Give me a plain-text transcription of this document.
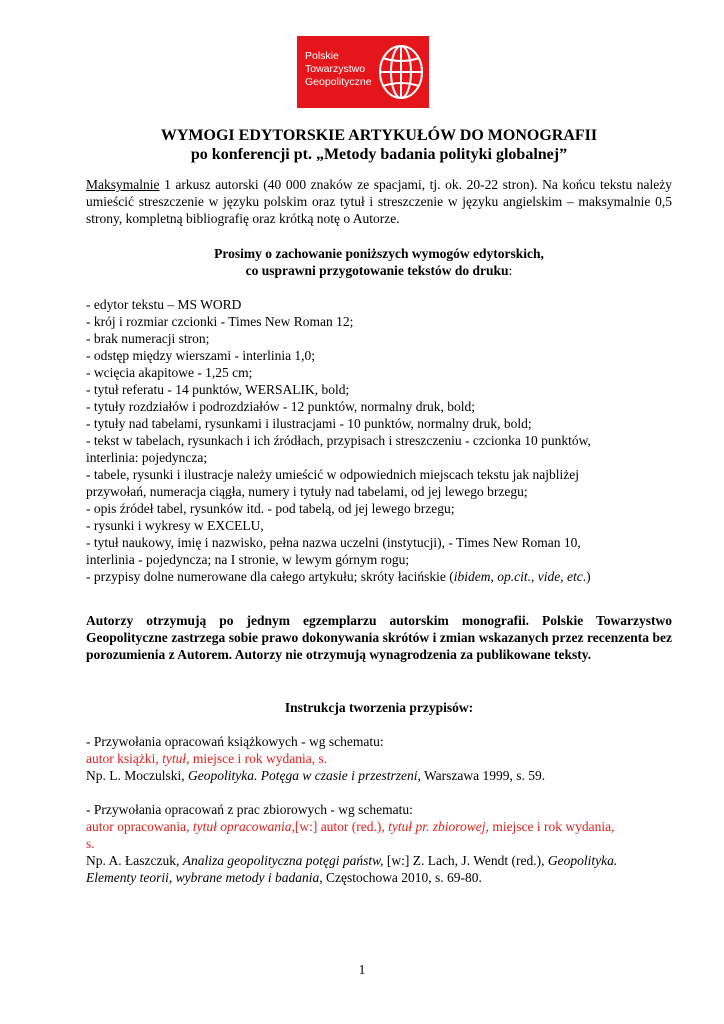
Polskie
Towarzystwo
Geopolityczne
WYMOGI EDYTORSKIE ARTYKUŁÓW DO MONOGRAFII
po konferencji pt. „Metody badania polityki globalnej”
Maksymalnie 1 arkusz autorski (40 000 znaków ze spacjami, tj. ok. 20-22 stron). Na końcu tekstu należy umieścić streszczenie w języku polskim oraz tytuł i streszczenie w języku angielskim – maksymalnie 0,5 strony, kompletną bibliografię oraz krótką notę o Autorze.
Prosimy o zachowanie poniższych wymogów edytorskich,
co usprawni przygotowanie tekstów do druku:
- edytor tekstu – MS WORD
- krój i rozmiar czcionki - Times New Roman 12;
- brak numeracji stron;
- odstęp między wierszami - interlinia 1,0;
- wcięcia akapitowe - 1,25 cm;
- tytuł referatu - 14 punktów, WERSALIK, bold;
- tytuły rozdziałów i podrozdziałów - 12 punktów, normalny druk, bold;
- tytuły nad tabelami, rysunkami i ilustracjami - 10 punktów, normalny druk, bold;
- tekst w tabelach, rysunkach i ich źródłach, przypisach i streszczeniu - czcionka 10 punktów,
interlinia: pojedyncza;
- tabele, rysunki i ilustracje należy umieścić w odpowiednich miejscach tekstu jak najbliżej
przywołań, numeracja ciągła, numery i tytuły nad tabelami, od jej lewego brzegu;
- opis źródeł tabel, rysunków itd. - pod tabelą, od jej lewego brzegu;
- rysunki i wykresy w EXCELU,
- tytuł naukowy, imię i nazwisko, pełna nazwa uczelni (instytucji), - Times New Roman 10,
interlinia - pojedyncza; na I stronie, w lewym górnym rogu;
- przypisy dolne numerowane dla całego artykułu; skróty łacińskie (ibidem, op.cit., vide, etc.)
Autorzy otrzymują po jednym egzemplarzu autorskim monografii. Polskie Towarzystwo Geopolityczne zastrzega sobie prawo dokonywania skrótów i zmian wskazanych przez recenzenta bez porozumienia z Autorem. Autorzy nie otrzymują wynagrodzenia za publikowane teksty.
Instrukcja tworzenia przypisów:
- Przywołania opracowań książkowych - wg schematu:
autor książki, tytuł, miejsce i rok wydania, s.
Np. L. Moczulski, Geopolityka. Potęga w czasie i przestrzeni, Warszawa 1999, s. 59.
- Przywołania opracowań z prac zbiorowych - wg schematu:
autor opracowania, tytuł opracowania,[w:] autor (red.), tytuł pr. zbiorowej, miejsce i rok wydania,
s.
Np. A. Łaszczuk, Analiza geopolityczna potęgi państw, [w:] Z. Lach, J. Wendt (red.), Geopolityka.
Elementy teorii, wybrane metody i badania, Częstochowa 2010, s. 69-80.
1
